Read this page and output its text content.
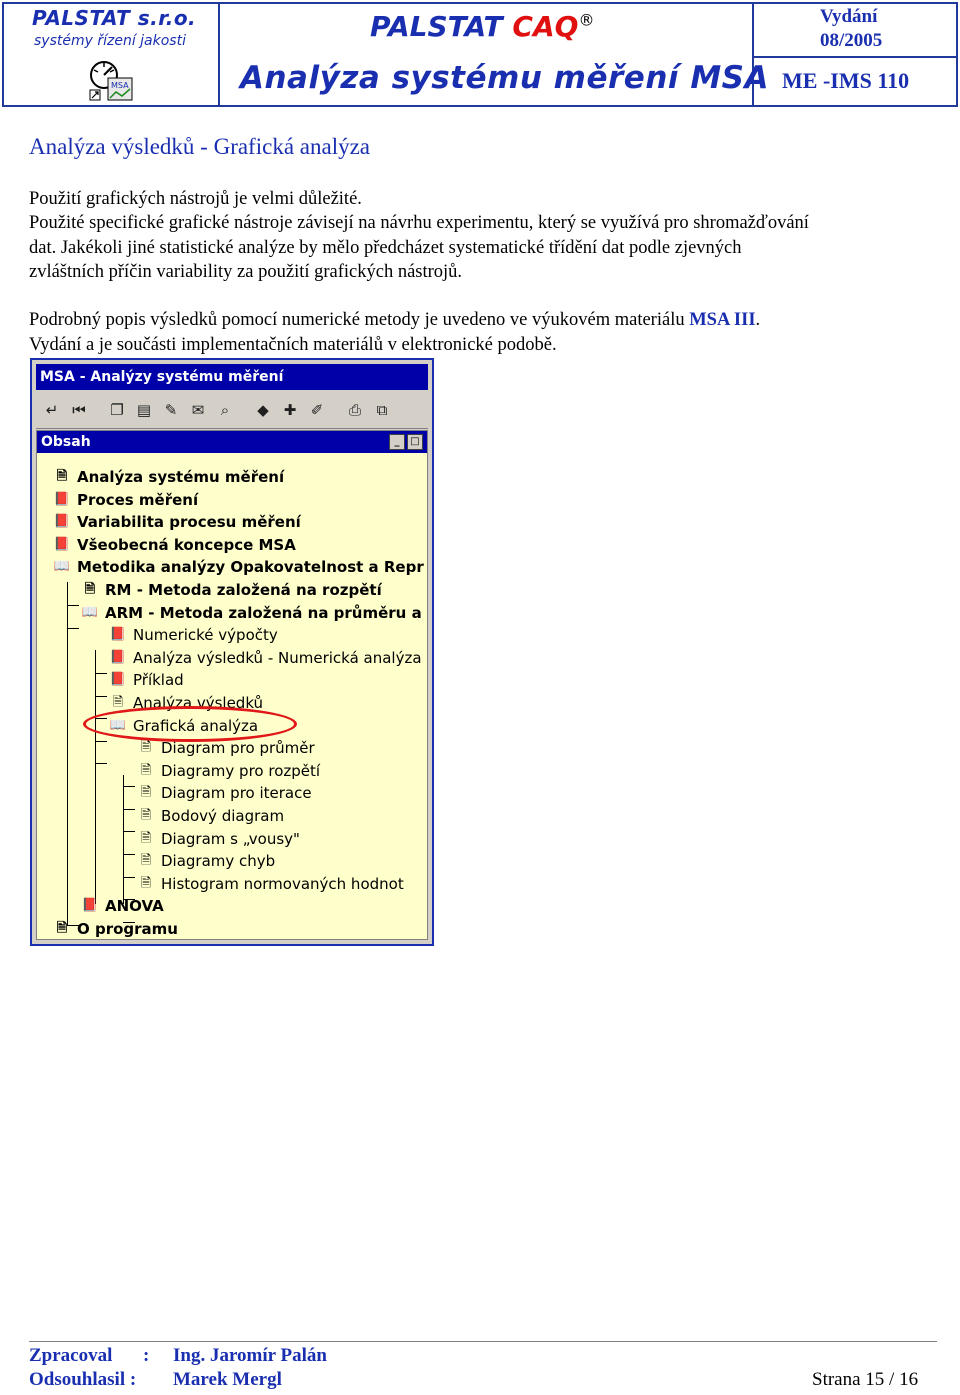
PALSTAT s.r.o.
systémy řízení jakosti
MSA
PALSTAT CAQ®	Vydání
08/2005
Analýza systému měření MSA ME -IMS 110
Analýza výsledků - Grafická analýza
Použití grafických nástrojů je velmi důležité.
Použité specifické grafické nástroje závisejí na návrhu experimentu, který se využívá pro shromažďování
dat. Jakékoli jiné statistické analýze by mělo předcházet systematické třídění dat podle zjevných
zvláštních příčin variability za použití grafických nástrojů.
Podrobný popis výsledků pomocí numerické metody je uvedeno ve výukovém materiálu MSA III.
Vydání a je součásti implementačních materiálů v elektronické podobě.
MSA - Analýzy systému měření
↵ ⏮	❐ ▤ ✎ ✉	⌕	◆ ✚ ✐	⎙	⧉
Obsah	_	□
🗎 Analýza systému měření
📕 Proces měření
📕 Variabilita procesu měření
📕 Všeobecná koncepce MSA
📖 Metodika analýzy Opakovatelnost a Repr
🗎 RM - Metoda založená na rozpětí
📖 ARM - Metoda založená na průměru a
📕 Numerické výpočty
📕 Analýza výsledků - Numerická analýza
📕 Příklad
🗎 Analýza výsledků
📖 Grafická analýza
🗎 Diagram pro průměr
🗎 Diagramy pro rozpětí
🗎 Diagram pro iterace
🗎 Bodový diagram
🗎 Diagram s „vousy"
🗎 Diagramy chyb
🗎 Histogram normovaných hodnot
📕 ANOVA
🗎 O programu
Zpracoval : Ing. Jaromír Palán
Odsouhlasil : Marek Mergl	Strana 15 / 16
